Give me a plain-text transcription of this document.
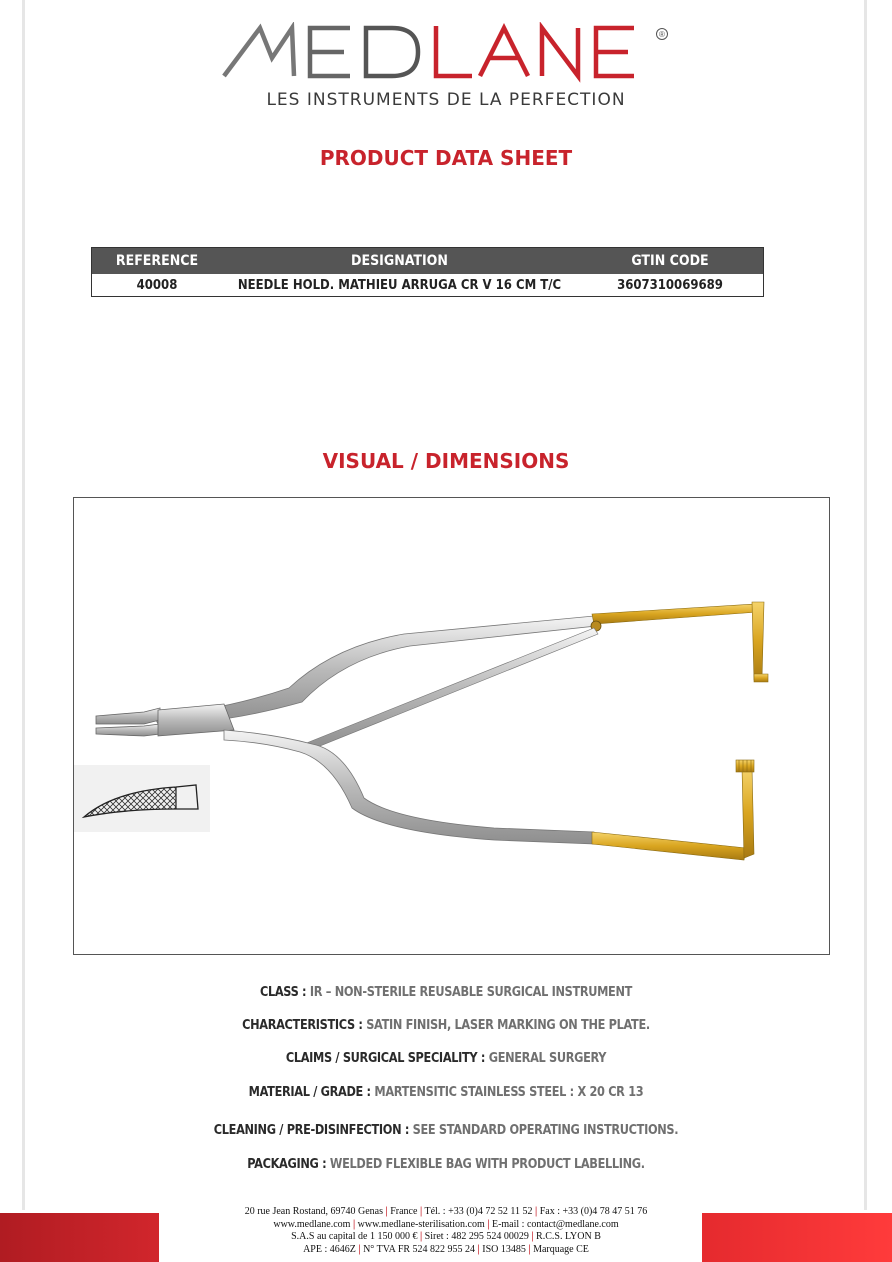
®
LES INSTRUMENTS DE LA PERFECTION
PRODUCT DATA SHEET
REFERENCE	DESIGNATION	GTIN CODE
40008	NEEDLE HOLD. MATHIEU ARRUGA CR V 16 CM T/C	3607310069689
VISUAL / DIMENSIONS
CLASS : IR – NON-STERILE REUSABLE SURGICAL INSTRUMENT
CHARACTERISTICS : SATIN FINISH, LASER MARKING ON THE PLATE.
CLAIMS / SURGICAL SPECIALITY : GENERAL SURGERY
MATERIAL / GRADE : MARTENSITIC STAINLESS STEEL : X 20 CR 13
CLEANING / PRE-DISINFECTION : SEE STANDARD OPERATING INSTRUCTIONS.
PACKAGING : WELDED FLEXIBLE BAG WITH PRODUCT LABELLING.
20 rue Jean Rostand, 69740 Genas | France | Tél. : +33 (0)4 72 52 11 52 | Fax : +33 (0)4 78 47 51 76
www.medlane.com | www.medlane-sterilisation.com | E-mail : contact@medlane.com
S.A.S au capital de 1 150 000 € | Siret : 482 295 524 00029 | R.C.S. LYON B
APE : 4646Z | N° TVA FR 524 822 955 24 | ISO 13485 | Marquage CE
